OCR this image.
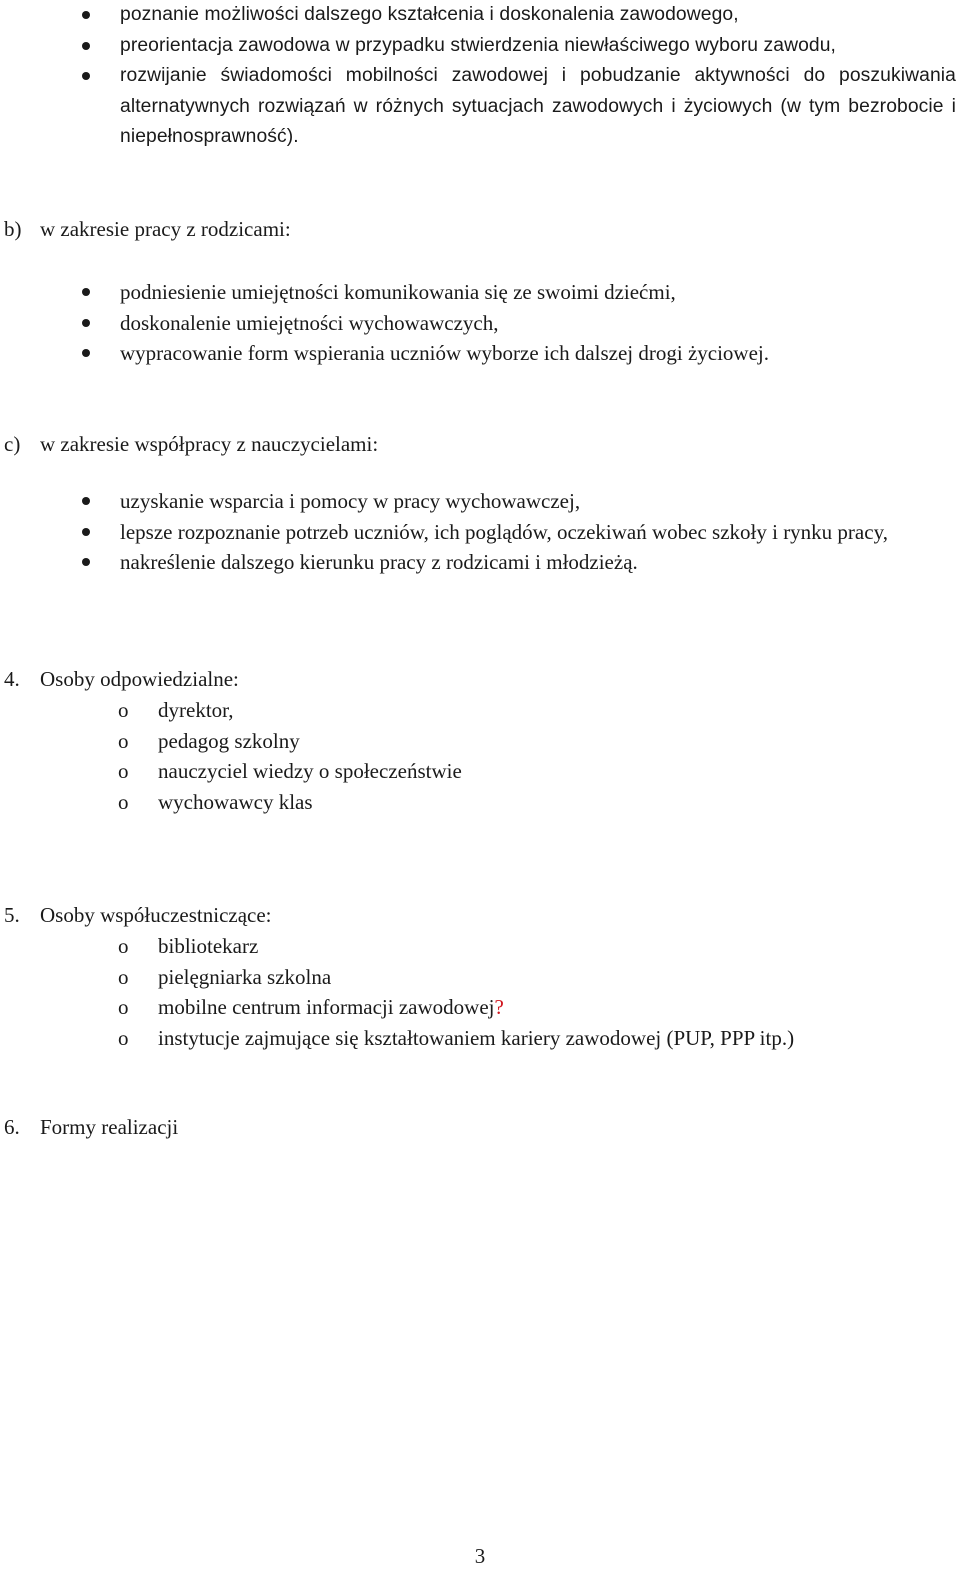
poznanie możliwości dalszego kształcenia i doskonalenia zawodowego,
preorientacja zawodowa w przypadku stwierdzenia niewłaściwego wyboru zawodu,
rozwijanie świadomości mobilności zawodowej i pobudzanie aktywności do poszukiwania alternatywnych rozwiązań w różnych sytuacjach zawodowych i życiowych (w tym bezrobocie i niepełnosprawność).
b) w zakresie pracy z rodzicami:
podniesienie umiejętności komunikowania się ze swoimi dziećmi,
doskonalenie umiejętności wychowawczych,
wypracowanie form wspierania uczniów wyborze ich dalszej drogi życiowej.
c) w zakresie współpracy z nauczycielami:
uzyskanie wsparcia i pomocy w pracy wychowawczej,
lepsze rozpoznanie potrzeb uczniów, ich poglądów, oczekiwań wobec szkoły i rynku pracy,
nakreślenie dalszego kierunku pracy z rodzicami i młodzieżą.
4. Osoby odpowiedzialne:
o dyrektor,
o pedagog szkolny
o nauczyciel wiedzy o społeczeństwie
o wychowawcy klas
5. Osoby współuczestniczące:
o bibliotekarz
o pielęgniarka szkolna
o mobilne centrum informacji zawodowej?
o instytucje zajmujące się kształtowaniem kariery zawodowej (PUP, PPP itp.)
6. Formy realizacji
3
